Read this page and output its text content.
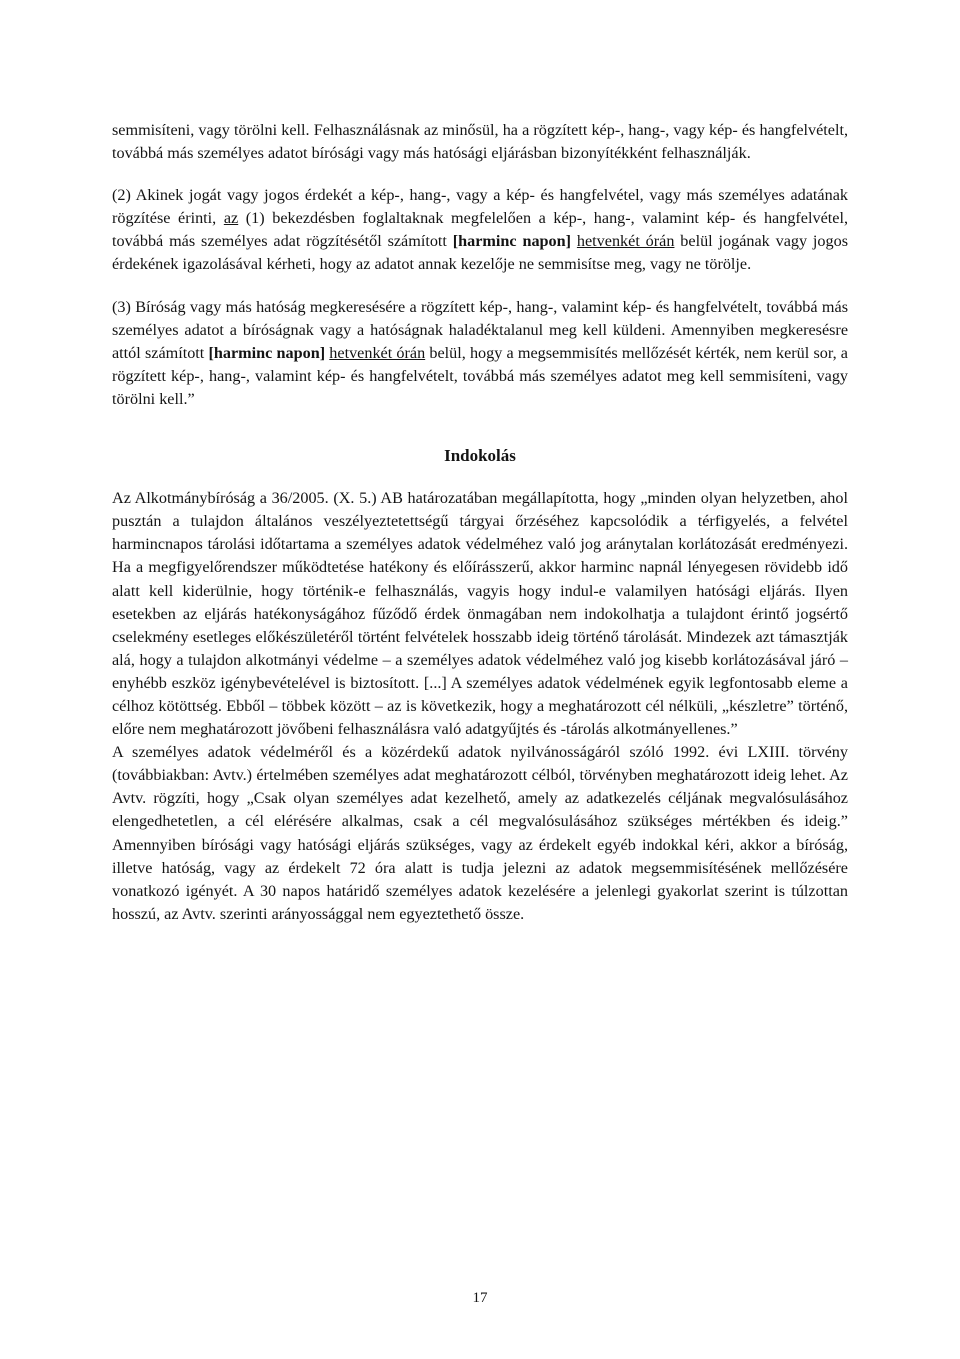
semmisíteni, vagy törölni kell. Felhasználásnak az minősül, ha a rögzített kép-, hang-, vagy kép- és hangfelvételt, továbbá más személyes adatot bírósági vagy más hatósági eljárásban bizonyítékként felhasználják.

(2) Akinek jogát vagy jogos érdekét a kép-, hang-, vagy a kép- és hangfelvétel, vagy más személyes adatának rögzítése érinti, az (1) bekezdésben foglaltaknak megfelelően a kép-, hang-, valamint kép- és hangfelvétel, továbbá más személyes adat rögzítésétől számított [harminc napon] hetvenkét órán belül jogának vagy jogos érdekének igazolásával kérheti, hogy az adatot annak kezelője ne semmisítse meg, vagy ne törölje.

(3) Bíróság vagy más hatóság megkeresésére a rögzített kép-, hang-, valamint kép- és hangfelvételt, továbbá más személyes adatot a bíróságnak vagy a hatóságnak haladéktalanul meg kell küldeni. Amennyiben megkeresésre attól számított [harminc napon] hetvenkét órán belül, hogy a megsemmisítés mellőzését kérték, nem kerül sor, a rögzített kép-, hang-, valamint kép- és hangfelvételt, továbbá más személyes adatot meg kell semmisíteni, vagy törölni kell.”

Indokolás

Az Alkotmánybíróság a 36/2005. (X. 5.) AB határozatában megállapította, hogy „minden olyan helyzetben, ahol pusztán a tulajdon általános veszélyeztetettségű tárgyai őrzéséhez kapcsolódik a térfigyelés, a felvétel harmincnapos tárolási időtartama a személyes adatok védelméhez való jog aránytalan korlátozását eredményezi. Ha a megfigyelőrendszer működtetése hatékony és előírásszerű, akkor harminc napnál lényegesen rövidebb idő alatt kell kiderülnie, hogy történik-e felhasználás, vagyis hogy indul-e valamilyen hatósági eljárás. Ilyen esetekben az eljárás hatékonyságához fűződő érdek önmagában nem indokolhatja a tulajdont érintő jogsértő cselekmény esetleges előkészületéről történt felvételek hosszabb ideig történő tárolását. Mindezek azt támasztják alá, hogy a tulajdon alkotmányi védelme – a személyes adatok védelméhez való jog kisebb korlátozásával járó – enyhébb eszköz igénybevételével is biztosított. [...] A személyes adatok védelmének egyik legfontosabb eleme a célhoz kötöttség. Ebből – többek között – az is következik, hogy a meghatározott cél nélküli, „készletre” történő, előre nem meghatározott jövőbeni felhasználásra való adatgyűjtés és -tárolás alkotmányellenes.”

A személyes adatok védelméről és a közérdekű adatok nyilvánosságáról szóló 1992. évi LXIII. törvény (továbbiakban: Avtv.) értelmében személyes adat meghatározott célból, törvényben meghatározott ideig lehet. Az Avtv. rögzíti, hogy „Csak olyan személyes adat kezelhető, amely az adatkezelés céljának megvalósulásához elengedhetetlen, a cél elérésére alkalmas, csak a cél megvalósulásához szükséges mértékben és ideig.” Amennyiben bírósági vagy hatósági eljárás szükséges, vagy az érdekelt egyéb indokkal kéri, akkor a bíróság, illetve hatóság, vagy az érdekelt 72 óra alatt is tudja jelezni az adatok megsemmisítésének mellőzésére vonatkozó igényét. A 30 napos határidő személyes adatok kezelésére a jelenlegi gyakorlat szerint is túlzottan hosszú, az Avtv. szerinti arányossággal nem egyeztethető össze.

17
